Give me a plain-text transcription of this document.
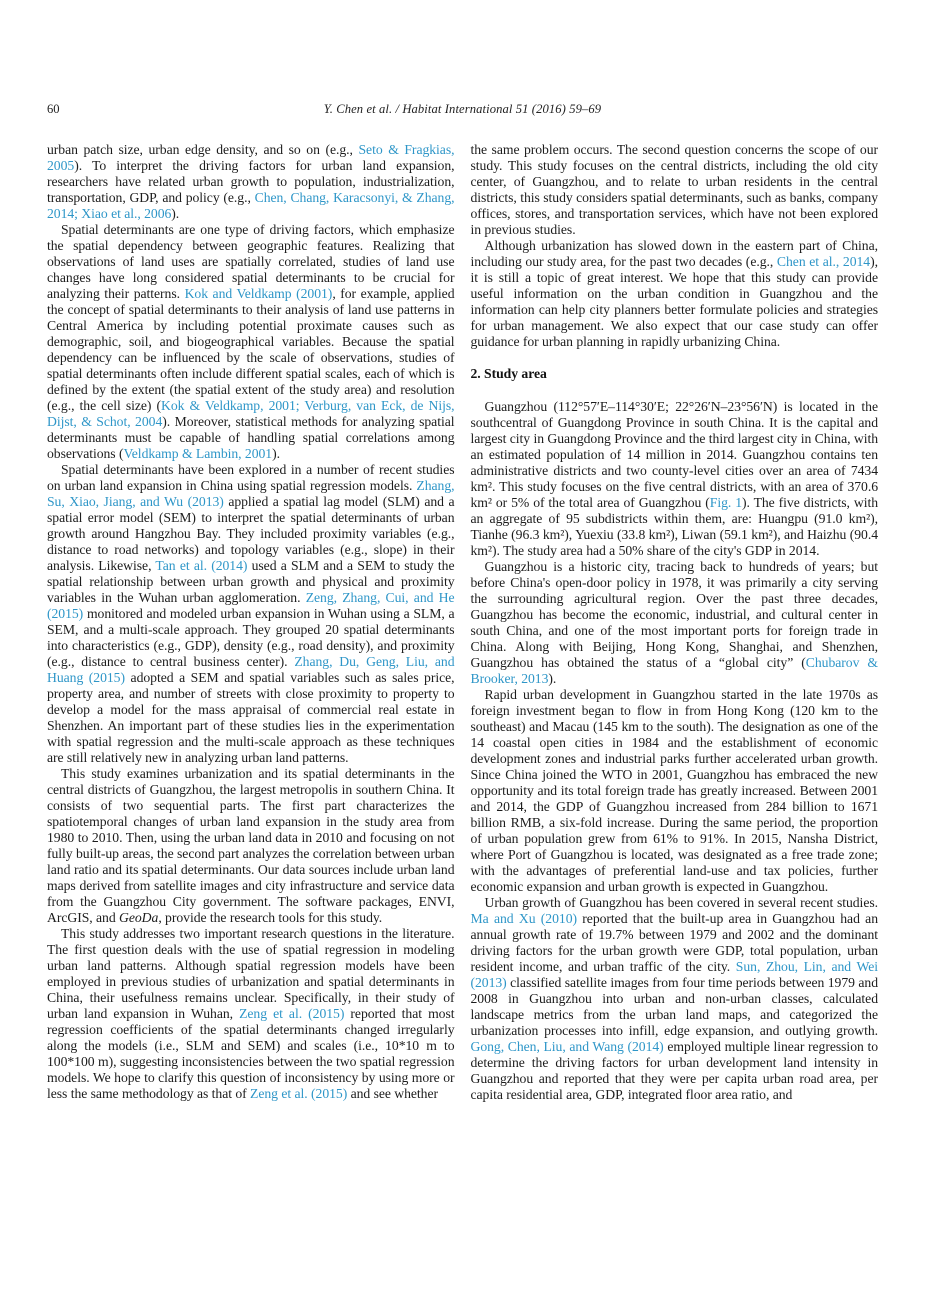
60	Y. Chen et al. / Habitat International 51 (2016) 59–69

urban patch size, urban edge density, and so on (e.g., Seto & Fragkias, 2005). To interpret the driving factors for urban land expansion, researchers have related urban growth to population, industrialization, transportation, GDP, and policy (e.g., Chen, Chang, Karacsonyi, & Zhang, 2014; Xiao et al., 2006).

Spatial determinants are one type of driving factors, which emphasize the spatial dependency between geographic features. Realizing that observations of land uses are spatially correlated, studies of land use changes have long considered spatial determinants to be crucial for analyzing their patterns. Kok and Veldkamp (2001), for example, applied the concept of spatial determinants to their analysis of land use patterns in Central America by including potential proximate causes such as demographic, soil, and biogeographical variables. Because the spatial dependency can be influenced by the scale of observations, studies of spatial determinants often include different spatial scales, each of which is defined by the extent (the spatial extent of the study area) and resolution (e.g., the cell size) (Kok & Veldkamp, 2001; Verburg, van Eck, de Nijs, Dijst, & Schot, 2004). Moreover, statistical methods for analyzing spatial determinants must be capable of handling spatial correlations among observations (Veldkamp & Lambin, 2001).

Spatial determinants have been explored in a number of recent studies on urban land expansion in China using spatial regression models. Zhang, Su, Xiao, Jiang, and Wu (2013) applied a spatial lag model (SLM) and a spatial error model (SEM) to interpret the spatial determinants of urban growth around Hangzhou Bay. They included proximity variables (e.g., distance to road networks) and topology variables (e.g., slope) in their analysis. Likewise, Tan et al. (2014) used a SLM and a SEM to study the spatial relationship between urban growth and physical and proximity variables in the Wuhan urban agglomeration. Zeng, Zhang, Cui, and He (2015) monitored and modeled urban expansion in Wuhan using a SLM, a SEM, and a multi-scale approach. They grouped 20 spatial determinants into characteristics (e.g., GDP), density (e.g., road density), and proximity (e.g., distance to central business center). Zhang, Du, Geng, Liu, and Huang (2015) adopted a SEM and spatial variables such as sales price, property area, and number of streets with close proximity to property to develop a model for the mass appraisal of commercial real estate in Shenzhen. An important part of these studies lies in the experimentation with spatial regression and the multi-scale approach as these techniques are still relatively new in analyzing urban land patterns.

This study examines urbanization and its spatial determinants in the central districts of Guangzhou, the largest metropolis in southern China. It consists of two sequential parts. The first part characterizes the spatiotemporal changes of urban land expansion in the study area from 1980 to 2010. Then, using the urban land data in 2010 and focusing on not fully built-up areas, the second part analyzes the correlation between urban land ratio and its spatial determinants. Our data sources include urban land maps derived from satellite images and city infrastructure and service data from the Guangzhou City government. The software packages, ENVI, ArcGIS, and GeoDa, provide the research tools for this study.

This study addresses two important research questions in the literature. The first question deals with the use of spatial regression in modeling urban land patterns. Although spatial regression models have been employed in previous studies of urbanization and spatial determinants in China, their usefulness remains unclear. Specifically, in their study of urban land expansion in Wuhan, Zeng et al. (2015) reported that most regression coefficients of the spatial determinants changed irregularly along the models (i.e., SLM and SEM) and scales (i.e., 10*10 m to 100*100 m), suggesting inconsistencies between the two spatial regression models. We hope to clarify this question of inconsistency by using more or less the same methodology as that of Zeng et al. (2015) and see whether

the same problem occurs. The second question concerns the scope of our study. This study focuses on the central districts, including the old city center, of Guangzhou, and to relate to urban residents in the central districts, this study considers spatial determinants, such as banks, company offices, stores, and transportation services, which have not been explored in previous studies.

Although urbanization has slowed down in the eastern part of China, including our study area, for the past two decades (e.g., Chen et al., 2014), it is still a topic of great interest. We hope that this study can provide useful information on the urban condition in Guangzhou and the information can help city planners better formulate policies and strategies for urban management. We also expect that our case study can offer guidance for urban planning in rapidly urbanizing China.

2. Study area

Guangzhou (112°57′E–114°30′E; 22°26′N–23°56′N) is located in the southcentral of Guangdong Province in south China. It is the capital and largest city in Guangdong Province and the third largest city in China, with an estimated population of 14 million in 2014. Guangzhou contains ten administrative districts and two county-level cities over an area of 7434 km². This study focuses on the five central districts, with an area of 370.6 km² or 5% of the total area of Guangzhou (Fig. 1). The five districts, with an aggregate of 95 subdistricts within them, are: Huangpu (91.0 km²), Tianhe (96.3 km²), Yuexiu (33.8 km²), Liwan (59.1 km²), and Haizhu (90.4 km²). The study area had a 50% share of the city's GDP in 2014.

Guangzhou is a historic city, tracing back to hundreds of years; but before China's open-door policy in 1978, it was primarily a city serving the surrounding agricultural region. Over the past three decades, Guangzhou has become the economic, industrial, and cultural center in south China, and one of the most important ports for foreign trade in China. Along with Beijing, Hong Kong, Shanghai, and Shenzhen, Guangzhou has obtained the status of a “global city” (Chubarov & Brooker, 2013).

Rapid urban development in Guangzhou started in the late 1970s as foreign investment began to flow in from Hong Kong (120 km to the southeast) and Macau (145 km to the south). The designation as one of the 14 coastal open cities in 1984 and the establishment of economic development zones and industrial parks further accelerated urban growth. Since China joined the WTO in 2001, Guangzhou has embraced the new opportunity and its total foreign trade has greatly increased. Between 2001 and 2014, the GDP of Guangzhou increased from 284 billion to 1671 billion RMB, a six-fold increase. During the same period, the proportion of urban population grew from 61% to 91%. In 2015, Nansha District, where Port of Guangzhou is located, was designated as a free trade zone; with the advantages of preferential land-use and tax policies, further economic expansion and urban growth is expected in Guangzhou.

Urban growth of Guangzhou has been covered in several recent studies. Ma and Xu (2010) reported that the built-up area in Guangzhou had an annual growth rate of 19.7% between 1979 and 2002 and the dominant driving factors for the urban growth were GDP, total population, urban resident income, and urban traffic of the city. Sun, Zhou, Lin, and Wei (2013) classified satellite images from four time periods between 1979 and 2008 in Guangzhou into urban and non-urban classes, calculated landscape metrics from the urban land maps, and categorized the urbanization processes into infill, edge expansion, and outlying growth. Gong, Chen, Liu, and Wang (2014) employed multiple linear regression to determine the driving factors for urban development land intensity in Guangzhou and reported that they were per capita urban road area, per capita residential area, GDP, integrated floor area ratio, and
